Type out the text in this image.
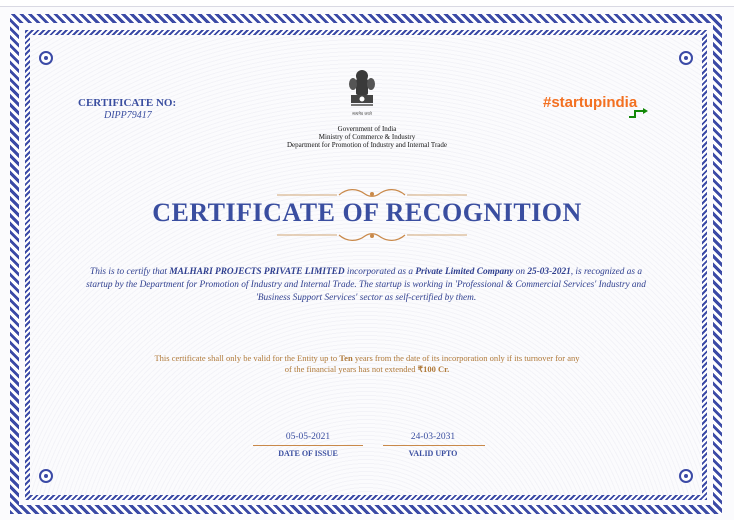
सत्यमेव जयते
Government of India
Ministry of Commerce & Industry
Department for Promotion of Industry and Internal Trade
CERTIFICATE NO:
DIPP79417
#startupindia
CERTIFICATE OF RECOGNITION
This is to certify that MALHARI PROJECTS PRIVATE LIMITED incorporated as a Private Limited Company on 25-03-2021, is recognized as a startup by the Department for Promotion of Industry and Internal Trade. The startup is working in 'Professional & Commercial Services' Industry and 'Business Support Services' sector as self-certified by them.
This certificate shall only be valid for the Entity up to Ten years from the date of its incorporation only if its turnover for any of the financial years has not extended ₹100 Cr.
05-05-2021
DATE OF ISSUE
24-03-2031
VALID UPTO
